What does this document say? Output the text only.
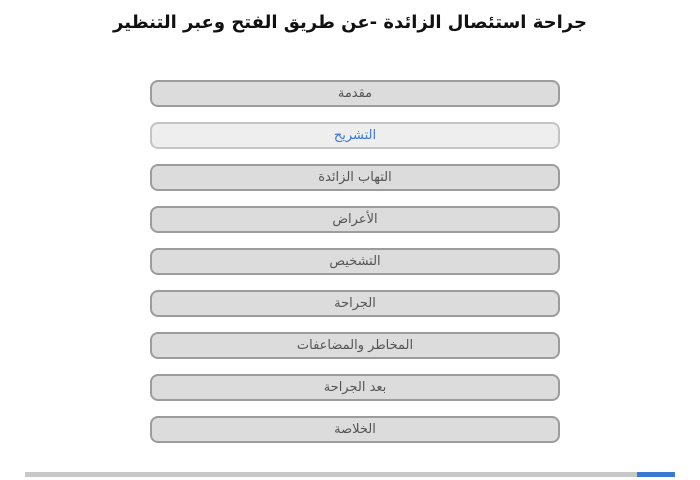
جراحة استئصال الزائدة -عن طريق الفتح وعبر التنظير
مقدمة
التشريح
التهاب الزائدة
الأعراض
التشخيص
الجراحة
المخاطر والمضاعفات
بعد الجراحة
الخلاصة
